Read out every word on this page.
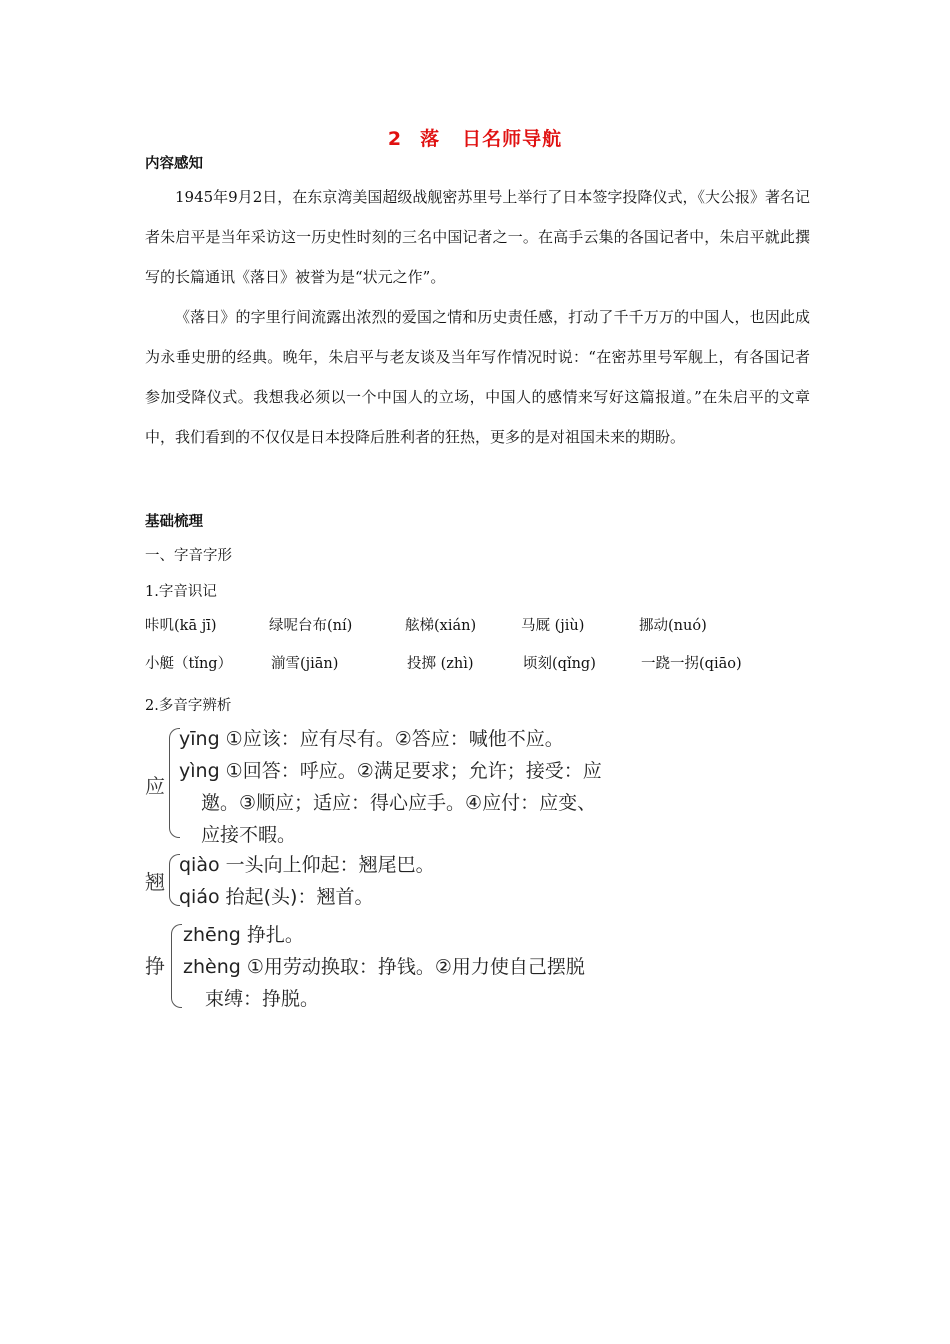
2 落 日名师导航
内容感知
1945年9月2日，在东京湾美国超级战舰密苏里号上举行了日本签字投降仪式，《大公报》著名记者朱启平是当年采访这一历史性时刻的三名中国记者之一。在高手云集的各国记者中，朱启平就此撰写的长篇通讯《落日》被誉为是“状元之作”。
《落日》的字里行间流露出浓烈的爱国之情和历史责任感，打动了千千万万的中国人，也因此成为永垂史册的经典。晚年，朱启平与老友谈及当年写作情况时说：“在密苏里号军舰上，有各国记者参加受降仪式。我想我必须以一个中国人的立场，中国人的感情来写好这篇报道。”在朱启平的文章中，我们看到的不仅仅是日本投降后胜利者的狂热，更多的是对祖国未来的期盼。
基础梳理
一、字音字形
1.字音识记
咔叽(kā jī)	绿呢台布(ní)	舷梯(xián)	马厩 (jiù)	挪动(nuó)
小艇（tǐng）	湔雪(jiān)	投掷 (zhì)	顷刻(qǐng)	一跷一拐(qiāo)
2.多音字辨析
应
yīng ①应该：应有尽有。②答应：喊他不应。
yìng ①回答：呼应。②满足要求；允许；接受：应
邀。③顺应；适应：得心应手。④应付：应变、
应接不暇。
翘
qiào 一头向上仰起：翘尾巴。
qiáo 抬起(头)：翘首。
挣
zhēng 挣扎。
zhèng ①用劳动换取：挣钱。②用力使自己摆脱
束缚：挣脱。
